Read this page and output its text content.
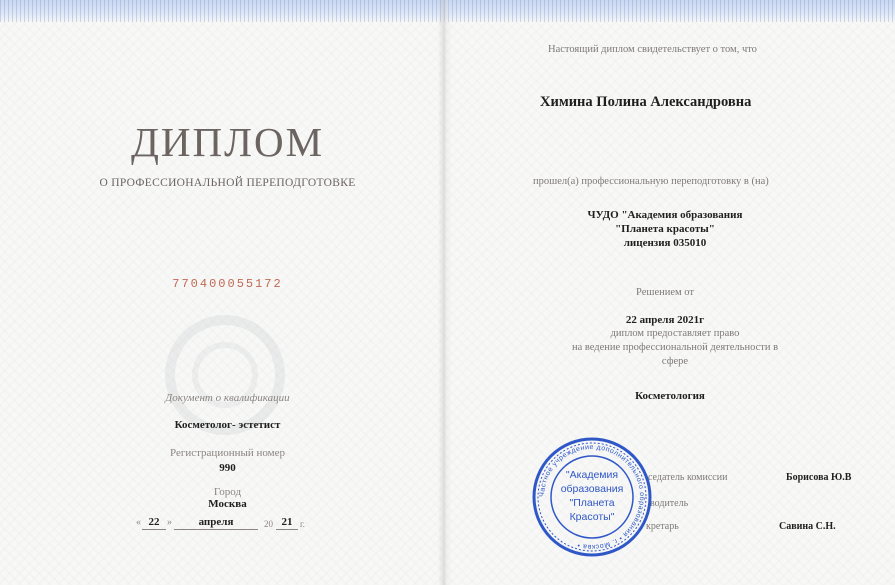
ДИПЛОМ
О ПРОФЕССИОНАЛЬНОЙ ПЕРЕПОДГОТОВКЕ
770400055172
Документ о квалификации
Косметолог- эстетист
Регистрационный номер
990
Город
Москва
« 22 »	апреля	20 21 г.
Настоящий диплом свидетельствует о том, что
Химина Полина Александровна
прошел(а) профессиональную переподготовку в (на)
ЧУДО "Академия образования
"Планета красоты"
лицензия 035010
Решением от
22 апреля 2021г
диплом предоставляет право
на ведение профессиональной деятельности в сфере
Косметология
седатель комиссии	Борисова Ю.В
водитель
кретарь	Савина С.Н.
Частное учреждение дополнительного образования • г. Москва •
"Академия
образования
"Планета
Красоты"
